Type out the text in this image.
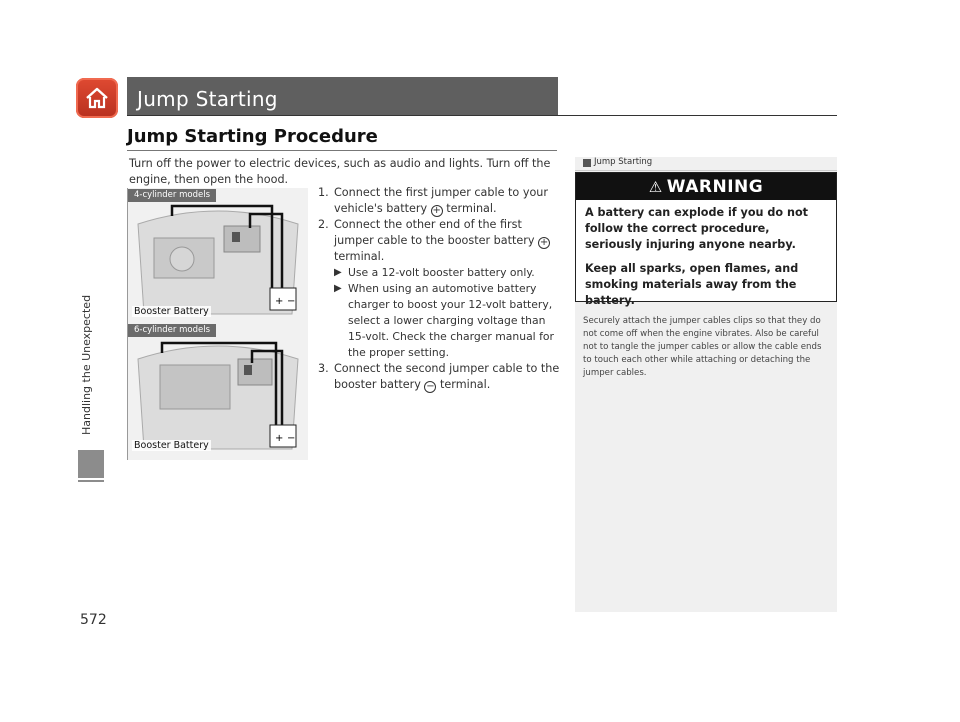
Jump Starting
Handling the Unexpected
Jump Starting Procedure
Turn off the power to electric devices, such as audio and lights. Turn off the engine, then open the hood.
4-cylinder models
+ −
Booster Battery
6-cylinder models
+ −
Booster Battery
1. Connect the first jumper cable to your vehicle's battery + terminal.
2. Connect the other end of the first jumper cable to the booster battery + terminal.
▶ Use a 12-volt booster battery only.
▶ When using an automotive battery charger to boost your 12-volt battery, select a lower charging voltage than 15-volt. Check the charger manual for the proper setting.
3. Connect the second jumper cable to the booster battery − terminal.
Jump Starting
⚠ WARNING
A battery can explode if you do not follow the correct procedure, seriously injuring anyone nearby.
Keep all sparks, open flames, and smoking materials away from the battery.
Securely attach the jumper cables clips so that they do not come off when the engine vibrates. Also be careful not to tangle the jumper cables or allow the cable ends to touch each other while attaching or detaching the jumper cables.
572
